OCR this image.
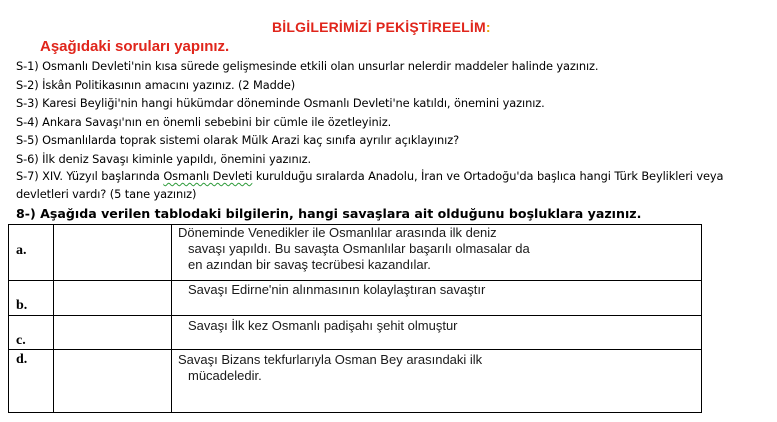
BİLGİLERİMİZİ PEKİŞTİREELİM:
Aşağıdaki soruları yapınız.
S-1) Osmanlı Devleti'nin kısa sürede gelişmesinde etkili olan unsurlar nelerdir maddeler halinde yazınız.
S-2) İskân Politikasının amacını yazınız. (2 Madde)
S-3) Karesi Beyliği'nin hangi hükümdar döneminde Osmanlı Devleti'ne katıldı, önemini yazınız.
S-4) Ankara Savaşı'nın en önemli sebebini bir cümle ile özetleyiniz.
S-5) Osmanlılarda toprak sistemi olarak Mülk Arazi kaç sınıfa ayrılır açıklayınız?
S-6) İlk deniz Savaşı kiminle yapıldı, önemini yazınız.
S-7) XIV. Yüzyıl başlarında Osmanlı Devleti kurulduğu sıralarda Anadolu, İran ve Ortadoğu'da başlıca hangi Türk Beylikleri veya devletleri vardı? (5 tane yazınız)
8-) Aşağıda verilen tablodaki bilgilerin, hangi savaşlara ait olduğunu boşluklara yazınız.
a.		Döneminde Venedikler ile Osmanlılar arasında ilk deniz
savaşı yapıldı. Bu savaşta Osmanlılar başarılı olmasalar da
en azından bir savaş tecrübesi kazandılar.

b.		Savaşı Edirne'nin alınmasının kolaylaştıran savaştır

c.		Savaşı İlk kez Osmanlı padişahı şehit olmuştur

d.		Savaşı Bizans tekfurlarıyla Osman Bey arasındaki ilk
mücadeledir.
